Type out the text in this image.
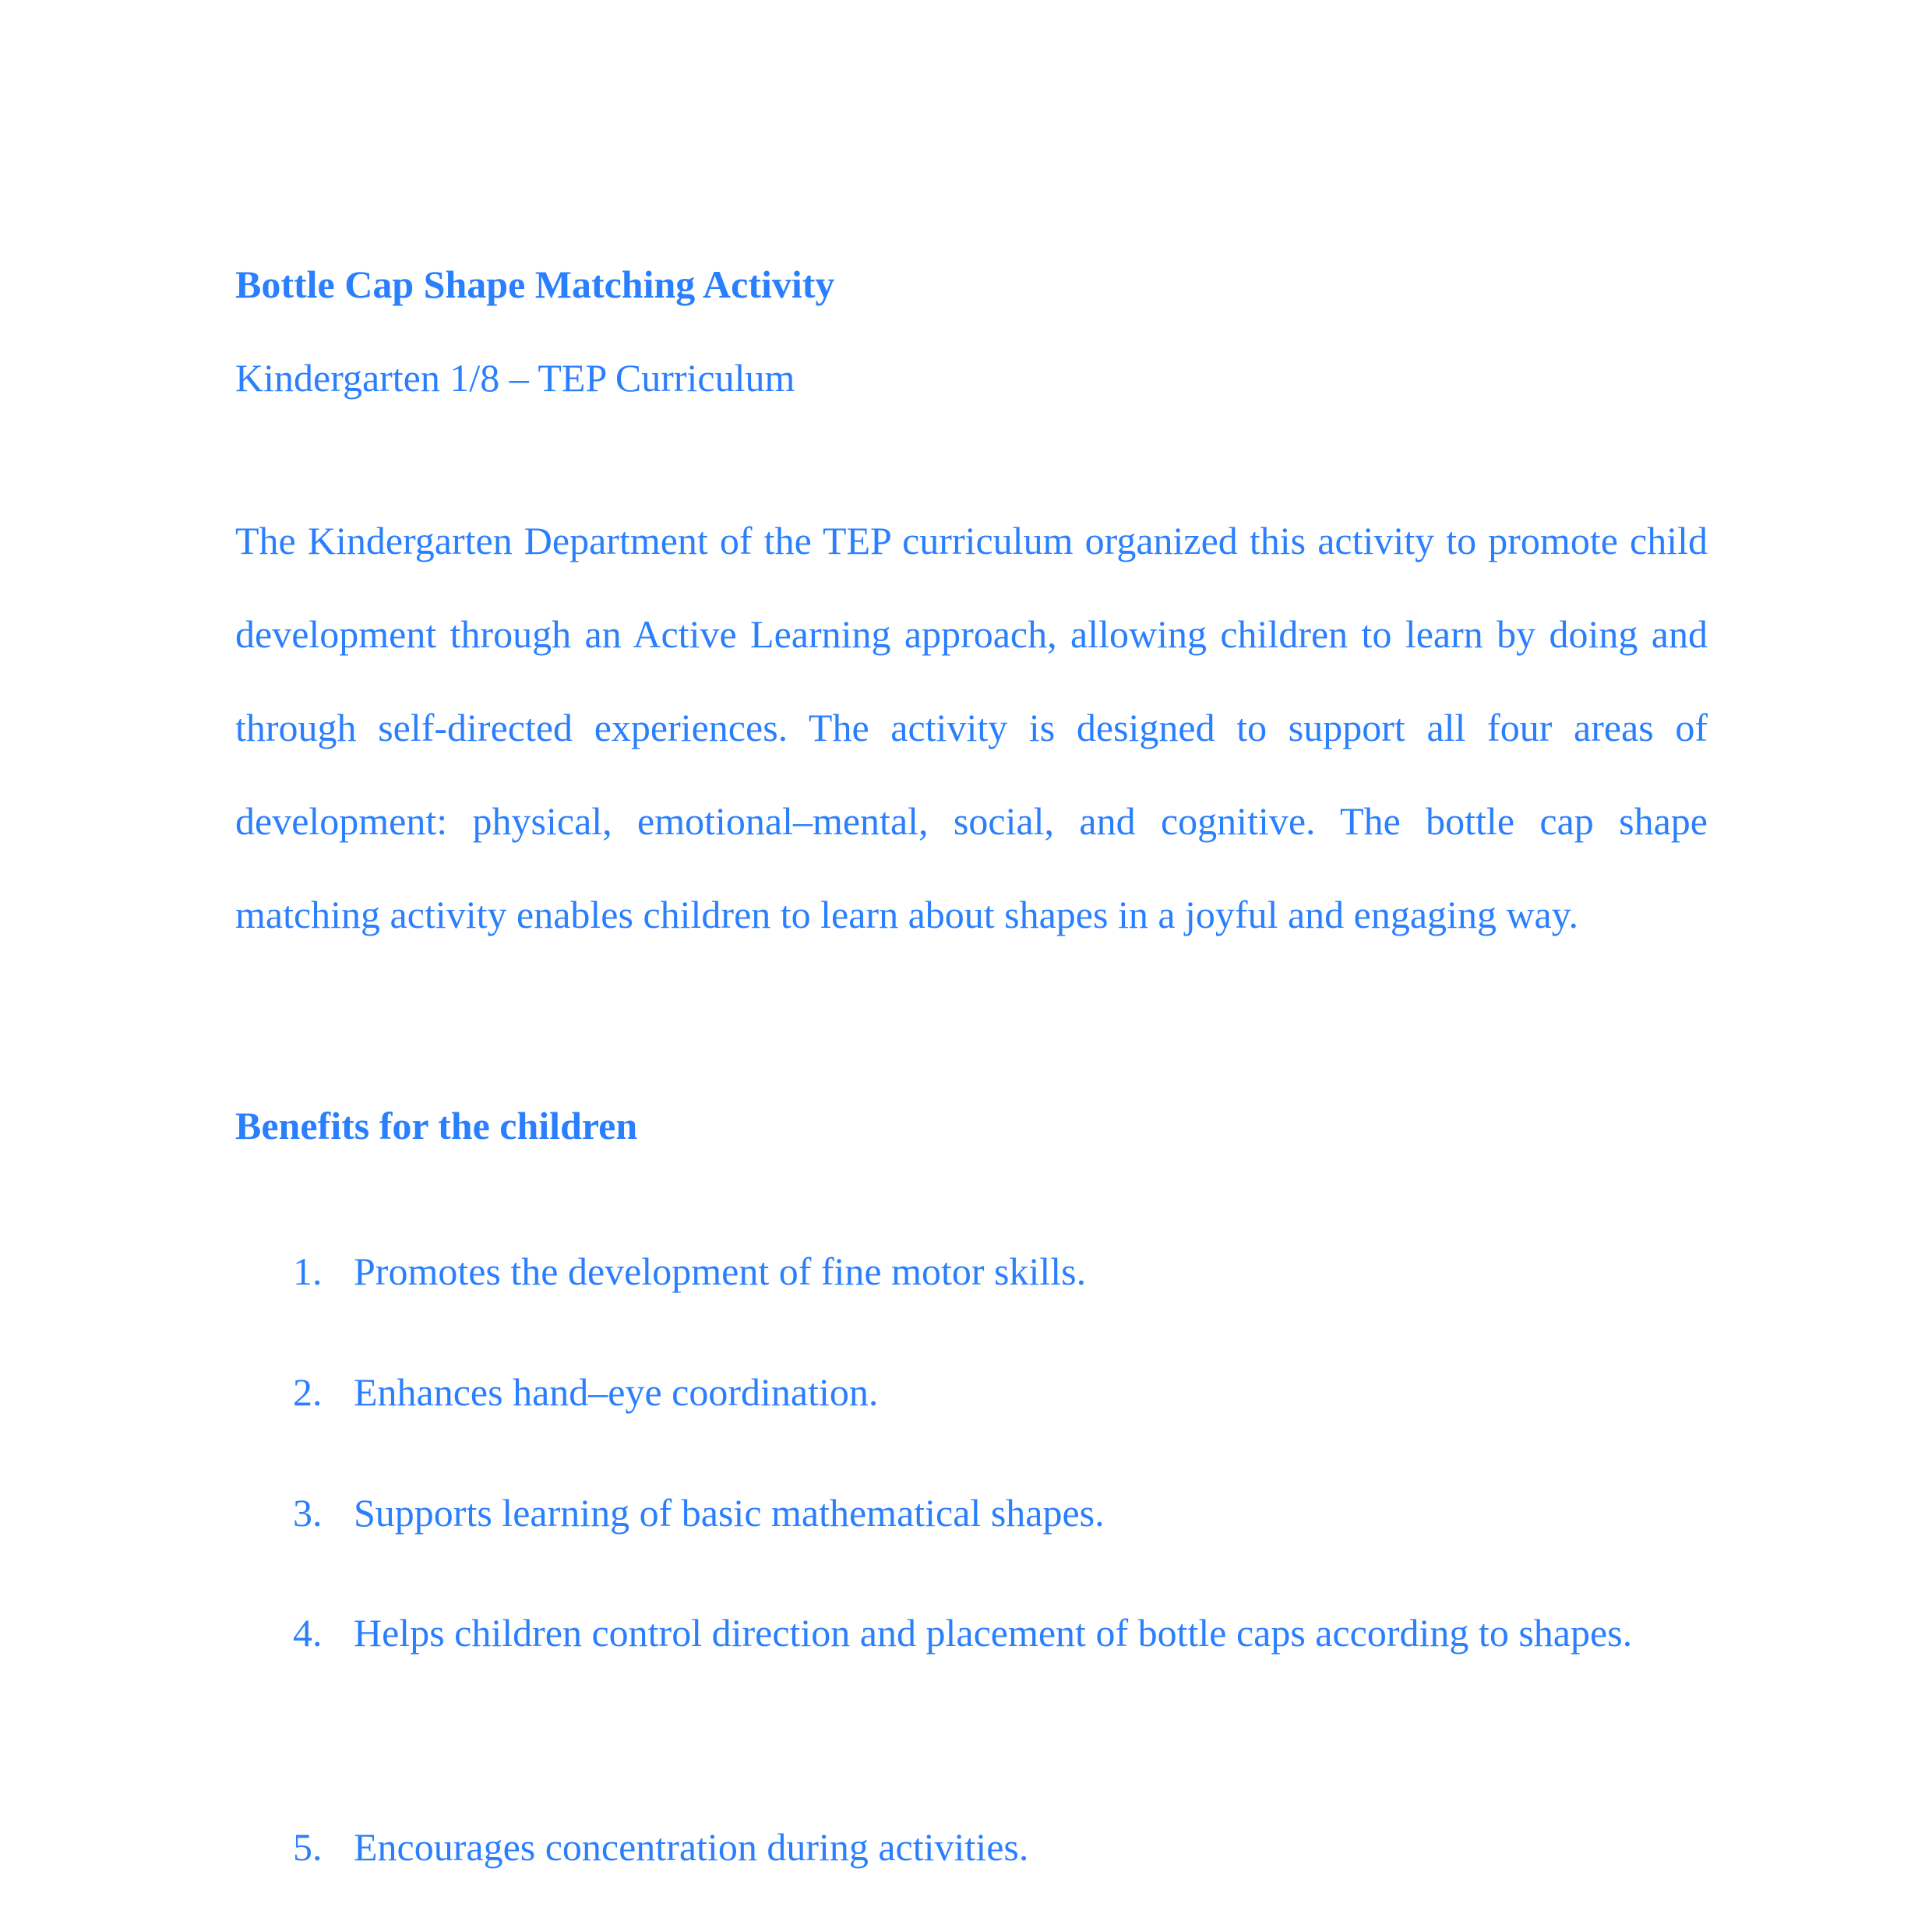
Bottle Cap Shape Matching Activity
Kindergarten 1/8 – TEP Curriculum

The Kindergarten Department of the TEP curriculum organized this activity to promote child development through an Active Learning approach, allowing children to learn by doing and through self-directed experiences. The activity is designed to support all four areas of development: physical, emotional–mental, social, and cognitive. The bottle cap shape matching activity enables children to learn about shapes in a joyful and engaging way.

Benefits for the children
1. Promotes the development of fine motor skills.
2. Enhances hand–eye coordination.
3. Supports learning of basic mathematical shapes.
4. Helps children control direction and placement of bottle caps according to shapes.
5. Encourages concentration during activities.
